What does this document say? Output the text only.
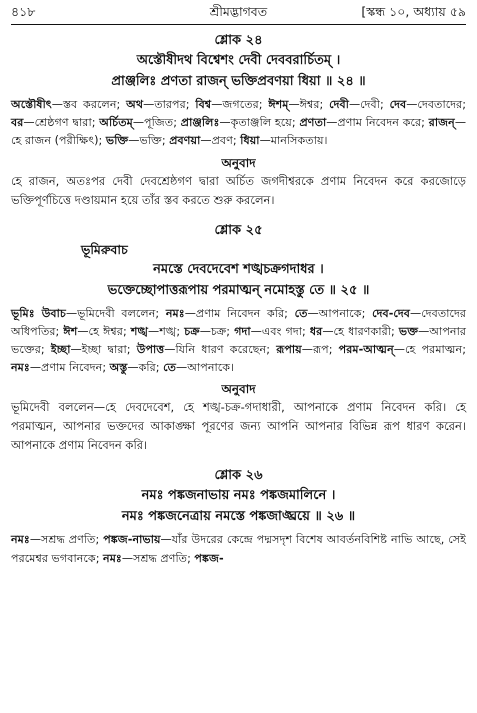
৪১৮	শ্রীমদ্ভাগবত	[স্কন্ধ ১০, অধ্যায় ৫৯
শ্লোক ২৪
অস্তৌষীদথ বিশ্বেশং দেবী দেববরার্চিতম্ ।
প্রাঞ্জলিঃ প্রণতা রাজন্ ভক্তিপ্রবণয়া ধিয়া ॥ ২৪ ॥
অস্তৌষীৎ—স্তব করলেন; অথ—তারপর; বিশ্ব—জগতের; ঈশম্—ঈশ্বর; দেবী—দেবী; দেব—দেবতাদের; বর—শ্রেষ্ঠগণ দ্বারা; অর্চিতম্—পূজিত; প্রাঞ্জলিঃ—কৃতাঞ্জলি হয়ে; প্রণতা—প্রণাম নিবেদন করে; রাজন্—হে রাজন (পরীক্ষিৎ); ভক্তি—ভক্তি; প্রবণয়া—প্রবণ; ধিয়া—মানসিকতায়।
অনুবাদ
হে রাজন, অতঃপর দেবী দেবশ্রেষ্ঠগণ দ্বারা অর্চিত জগদীশ্বরকে প্রণাম নিবেদন করে করজোড়ে ভক্তিপূর্ণচিত্তে দণ্ডায়মান হয়ে তাঁর স্তব করতে শুরু করলেন।
শ্লোক ২৫
ভূমিরুবাচ
নমস্তে দেবদেবেশ শঙ্খচক্রগদাধর ।
ভক্তেচ্ছোপাত্তরূপায় পরমাত্মন্ নমোহস্তু তে ॥ ২৫ ॥
ভূমিঃ উবাচ—ভূমিদেবী বললেন; নমঃ—প্রণাম নিবেদন করি; তে—আপনাকে; দেব-দেব—দেবতাদের অধিপতির; ঈশ—হে ঈশ্বর; শঙ্খ—শঙ্খ; চক্র—চক্র; গদা—এবং গদা; ধর—হে ধারণকারী; ভক্ত—আপনার ভক্তের; ইচ্ছা—ইচ্ছা দ্বারা; উপাত্ত—যিনি ধারণ করেছেন; রূপায়—রূপ; পরম-আত্মন্—হে পরমাত্মন; নমঃ—প্রণাম নিবেদন; অস্তু—করি; তে—আপনাকে।
অনুবাদ
ভূমিদেবী বললেন—হে দেবদেবেশ, হে শঙ্খ-চক্র-গদাধারী, আপনাকে প্রণাম নিবেদন করি। হে পরমাত্মন, আপনার ভক্তদের আকাঙ্ক্ষা পূরণের জন্য আপনি আপনার বিভিন্ন রূপ ধারণ করেন। আপনাকে প্রণাম নিবেদন করি।
শ্লোক ২৬
নমঃ পঙ্কজনাভায় নমঃ পঙ্কজমালিনে ।
নমঃ পঙ্কজনেত্রায় নমস্তে পঙ্কজাঙ্ঘ্রয়ে ॥ ২৬ ॥
নমঃ—সশ্রদ্ধ প্রণতি; পঙ্কজ-নাভায়—যাঁর উদরের কেন্দ্রে পদ্মসদৃশ বিশেষ আবর্তনবিশিষ্ট নাভি আছে, সেই পরমেশ্বর ভগবানকে; নমঃ—সশ্রদ্ধ প্রণতি; পঙ্কজ-
